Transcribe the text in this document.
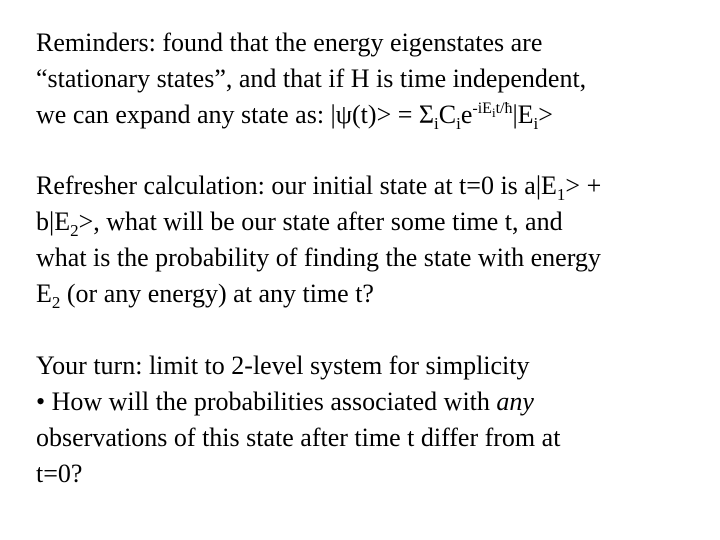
Reminders: found that the energy eigenstates are
“stationary states”, and that if H is time independent,
we can expand any state as: $|\psi(t)> = \Sigma_iC_ie^{-iE_it/ħ}|E_i>$
Refresher calculation: our initial state at t=0 is $a|E_1>$ +
$b|E_2>$, what will be our state after some time t, and
what is the probability of finding the state with energy
$E_2$ (or any energy) at any time t?
Your turn: limit to 2-level system for simplicity
• How will the probabilities associated with any
observations of this state after time t differ from at
t=0?
